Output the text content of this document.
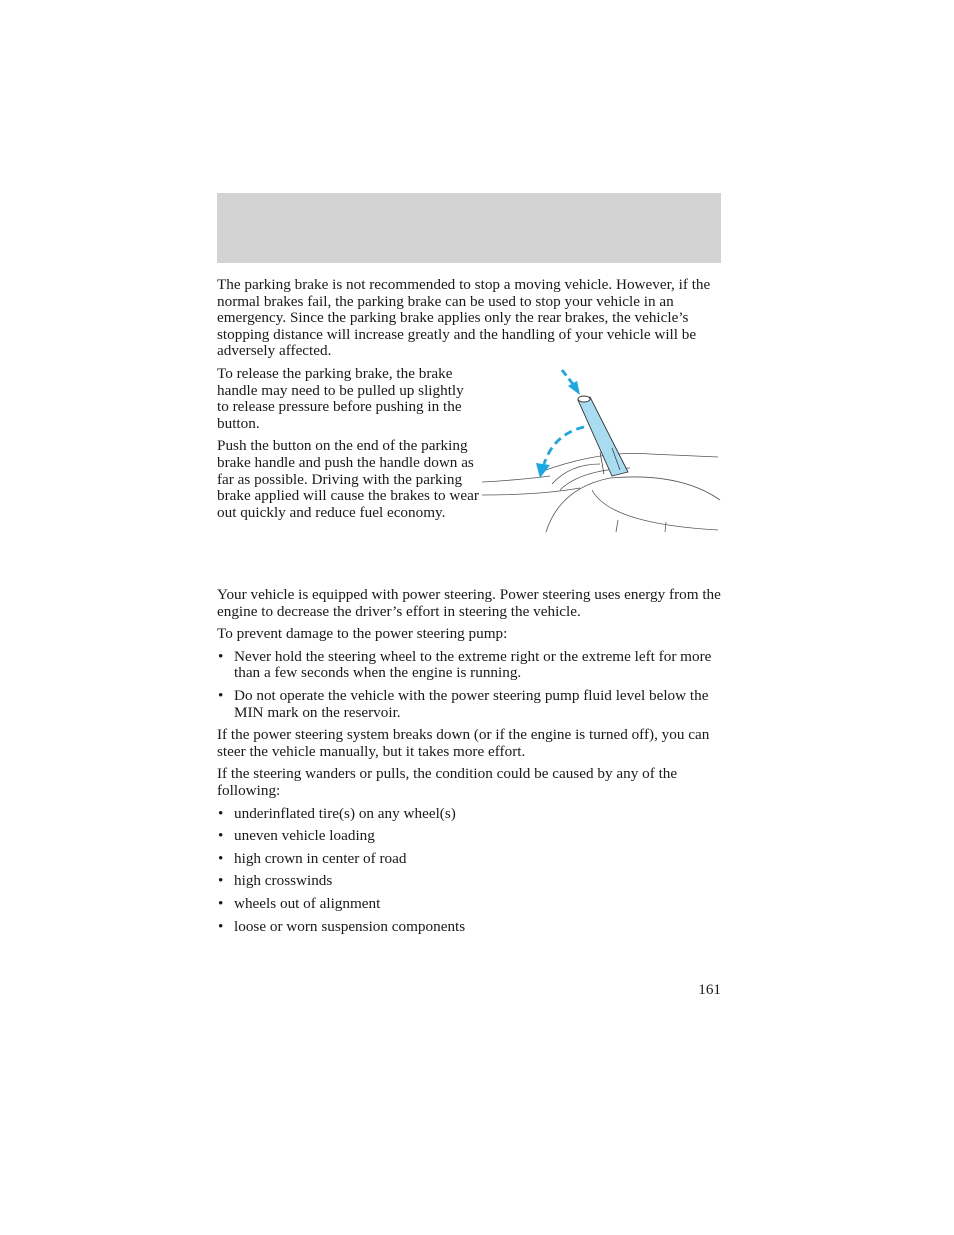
The parking brake is not recommended to stop a moving vehicle. However, if the normal brakes fail, the parking brake can be used to stop your vehicle in an emergency. Since the parking brake applies only the rear brakes, the vehicle’s stopping distance will increase greatly and the handling of your vehicle will be adversely affected.

To release the parking brake, the brake handle may need to be pulled up slightly to release pressure before pushing in the button.

Push the button on the end of the parking brake handle and push the handle down as far as possible. Driving with the parking brake applied will cause the brakes to wear out quickly and reduce fuel economy.

Your vehicle is equipped with power steering. Power steering uses energy from the engine to decrease the driver’s effort in steering the vehicle.

To prevent damage to the power steering pump:

• Never hold the steering wheel to the extreme right or the extreme left for more than a few seconds when the engine is running.
• Do not operate the vehicle with the power steering pump fluid level below the MIN mark on the reservoir.

If the power steering system breaks down (or if the engine is turned off), you can steer the vehicle manually, but it takes more effort.

If the steering wanders or pulls, the condition could be caused by any of the following:

• underinflated tire(s) on any wheel(s)
• uneven vehicle loading
• high crown in center of road
• high crosswinds
• wheels out of alignment
• loose or worn suspension components
161
